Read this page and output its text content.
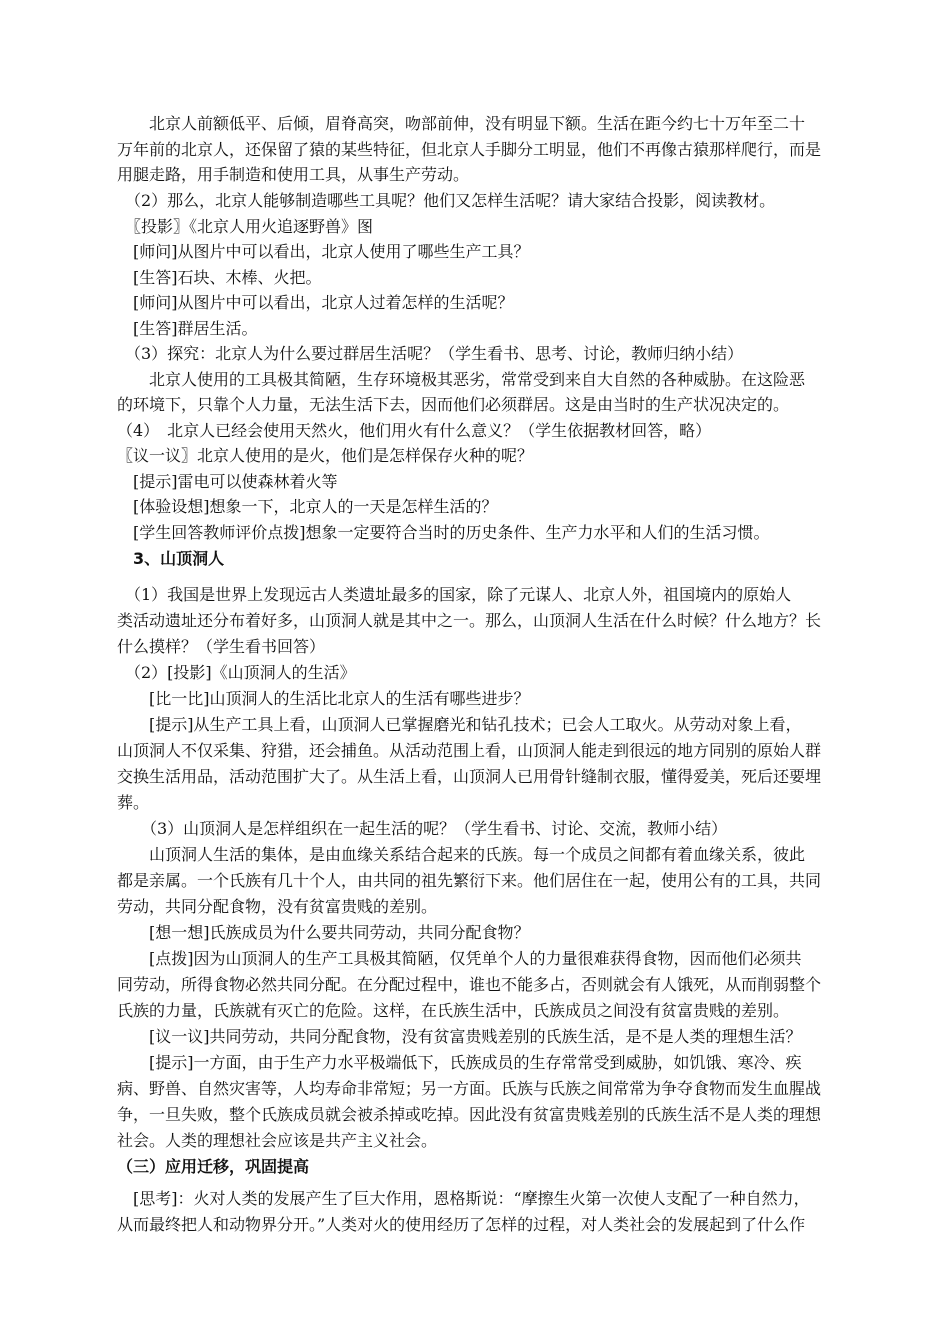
　　北京人前额低平、后倾，眉脊高突，吻部前伸，没有明显下额。生活在距今约七十万年至二十
万年前的北京人，还保留了猿的某些特征，但北京人手脚分工明显，他们不再像古猿那样爬行，而是
用腿走路，用手制造和使用工具，从事生产劳动。
　（2）那么，北京人能够制造哪些工具呢？他们又怎样生活呢？请大家结合投影，阅读教材。
　〖投影〗《北京人用火追逐野兽》图
　[师问]从图片中可以看出，北京人使用了哪些生产工具？
　[生答]石块、木棒、火把。
　[师问]从图片中可以看出，北京人过着怎样的生活呢？
　[生答]群居生活。
　（3）探究：北京人为什么要过群居生活呢？（学生看书、思考、讨论，教师归纳小结）
　　北京人使用的工具极其简陋，生存环境极其恶劣，常常受到来自大自然的各种威胁。在这险恶
的环境下，只靠个人力量，无法生活下去，因而他们必须群居。这是由当时的生产状况决定的。
（4）　北京人已经会使用天然火，他们用火有什么意义？（学生依据教材回答，略）
〖议一议〗北京人使用的是火，他们是怎样保存火种的呢？
　[提示]雷电可以使森林着火等
　[体验设想]想象一下，北京人的一天是怎样生活的？
　[学生回答教师评价点拨]想象一定要符合当时的历史条件、生产力水平和人们的生活习惯。
　3、山顶洞人
　（1）我国是世界上发现远古人类遗址最多的国家，除了元谋人、北京人外，祖国境内的原始人
类活动遗址还分布着好多，山顶洞人就是其中之一。那么，山顶洞人生活在什么时候？什么地方？长
什么摸样？（学生看书回答）
　（2）[投影]《山顶洞人的生活》
　　[比一比]山顶洞人的生活比北京人的生活有哪些进步？
　　[提示]从生产工具上看，山顶洞人已掌握磨光和钻孔技术；已会人工取火。从劳动对象上看，
山顶洞人不仅采集、狩猎，还会捕鱼。从活动范围上看，山顶洞人能走到很远的地方同别的原始人群
交换生活用品，活动范围扩大了。从生活上看，山顶洞人已用骨针缝制衣服，懂得爱美，死后还要埋
葬。
　　（3）山顶洞人是怎样组织在一起生活的呢？（学生看书、讨论、交流，教师小结）
　　山顶洞人生活的集体，是由血缘关系结合起来的氏族。每一个成员之间都有着血缘关系，彼此
都是亲属。一个氏族有几十个人，由共同的祖先繁衍下来。他们居住在一起，使用公有的工具，共同
劳动，共同分配食物，没有贫富贵贱的差别。
　　[想一想]氏族成员为什么要共同劳动，共同分配食物？
　　[点拨]因为山顶洞人的生产工具极其简陋，仅凭单个人的力量很难获得食物，因而他们必须共
同劳动，所得食物必然共同分配。在分配过程中，谁也不能多占，否则就会有人饿死，从而削弱整个
氏族的力量，氏族就有灭亡的危险。这样，在氏族生活中，氏族成员之间没有贫富贵贱的差别。
　　[议一议]共同劳动，共同分配食物，没有贫富贵贱差别的氏族生活，是不是人类的理想生活？
　　[提示]一方面，由于生产力水平极端低下，氏族成员的生存常常受到威胁，如饥饿、寒冷、疾
病、野兽、自然灾害等，人均寿命非常短；另一方面。氏族与氏族之间常常为争夺食物而发生血腥战
争，一旦失败，整个氏族成员就会被杀掉或吃掉。因此没有贫富贵贱差别的氏族生活不是人类的理想
社会。人类的理想社会应该是共产主义社会。
（三）应用迁移，巩固提高
　[思考]：火对人类的发展产生了巨大作用，恩格斯说：“摩擦生火第一次使人支配了一种自然力，
从而最终把人和动物界分开。”人类对火的使用经历了怎样的过程，对人类社会的发展起到了什么作
